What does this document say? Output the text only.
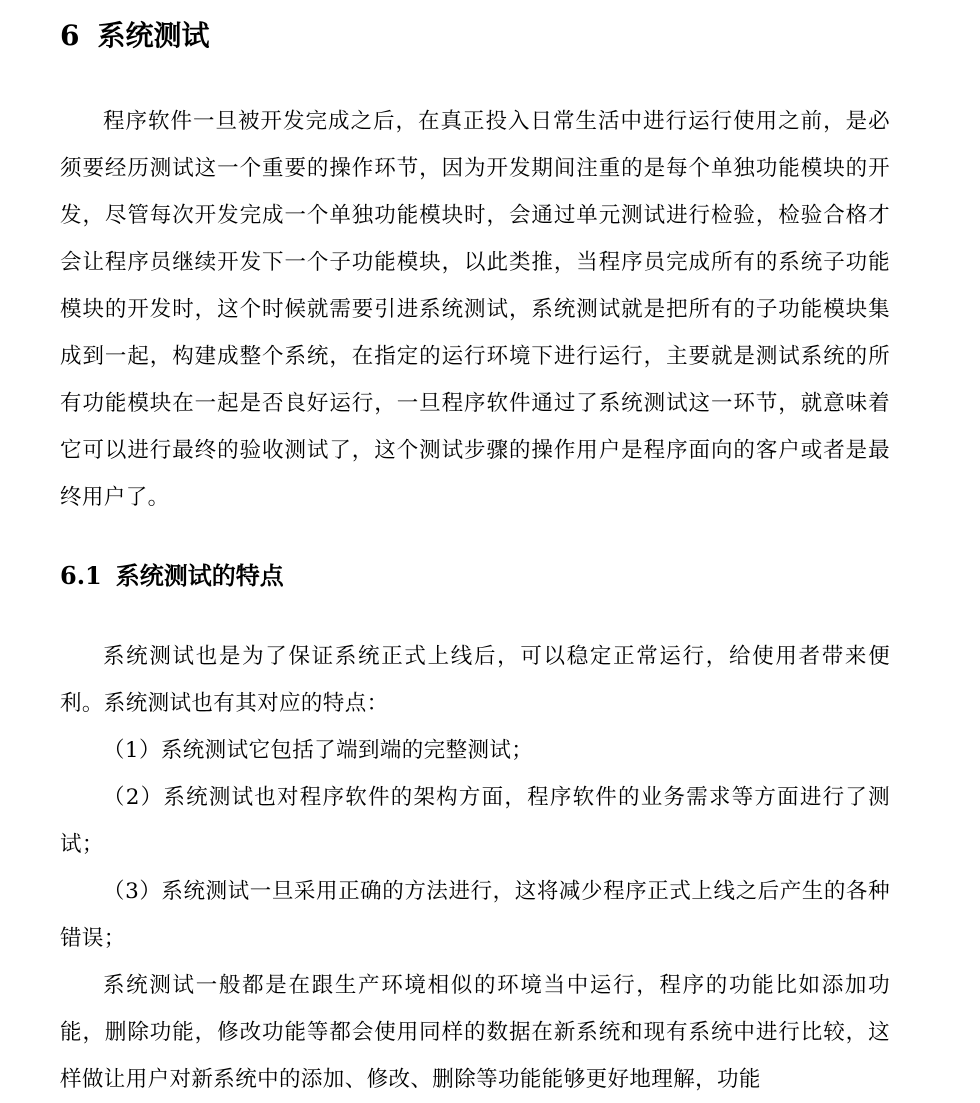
6 系统测试

程序软件一旦被开发完成之后，在真正投入日常生活中进行运行使用之前，是必须要经历测试这一个重要的操作环节，因为开发期间注重的是每个单独功能模块的开发，尽管每次开发完成一个单独功能模块时，会通过单元测试进行检验，检验合格才会让程序员继续开发下一个子功能模块，以此类推，当程序员完成所有的系统子功能模块的开发时，这个时候就需要引进系统测试，系统测试就是把所有的子功能模块集成到一起，构建成整个系统，在指定的运行环境下进行运行，主要就是测试系统的所有功能模块在一起是否良好运行，一旦程序软件通过了系统测试这一环节，就意味着它可以进行最终的验收测试了，这个测试步骤的操作用户是程序面向的客户或者是最终用户了。

6.1 系统测试的特点

系统测试也是为了保证系统正式上线后，可以稳定正常运行，给使用者带来便利。系统测试也有其对应的特点：

（1）系统测试它包括了端到端的完整测试；

（2）系统测试也对程序软件的架构方面，程序软件的业务需求等方面进行了测试；

（3）系统测试一旦采用正确的方法进行，这将减少程序正式上线之后产生的各种错误；

系统测试一般都是在跟生产环境相似的环境当中运行，程序的功能比如添加功能，删除功能，修改功能等都会使用同样的数据在新系统和现有系统中进行比较，这样做让用户对新系统中的添加、修改、删除等功能能够更好地理解，功能
